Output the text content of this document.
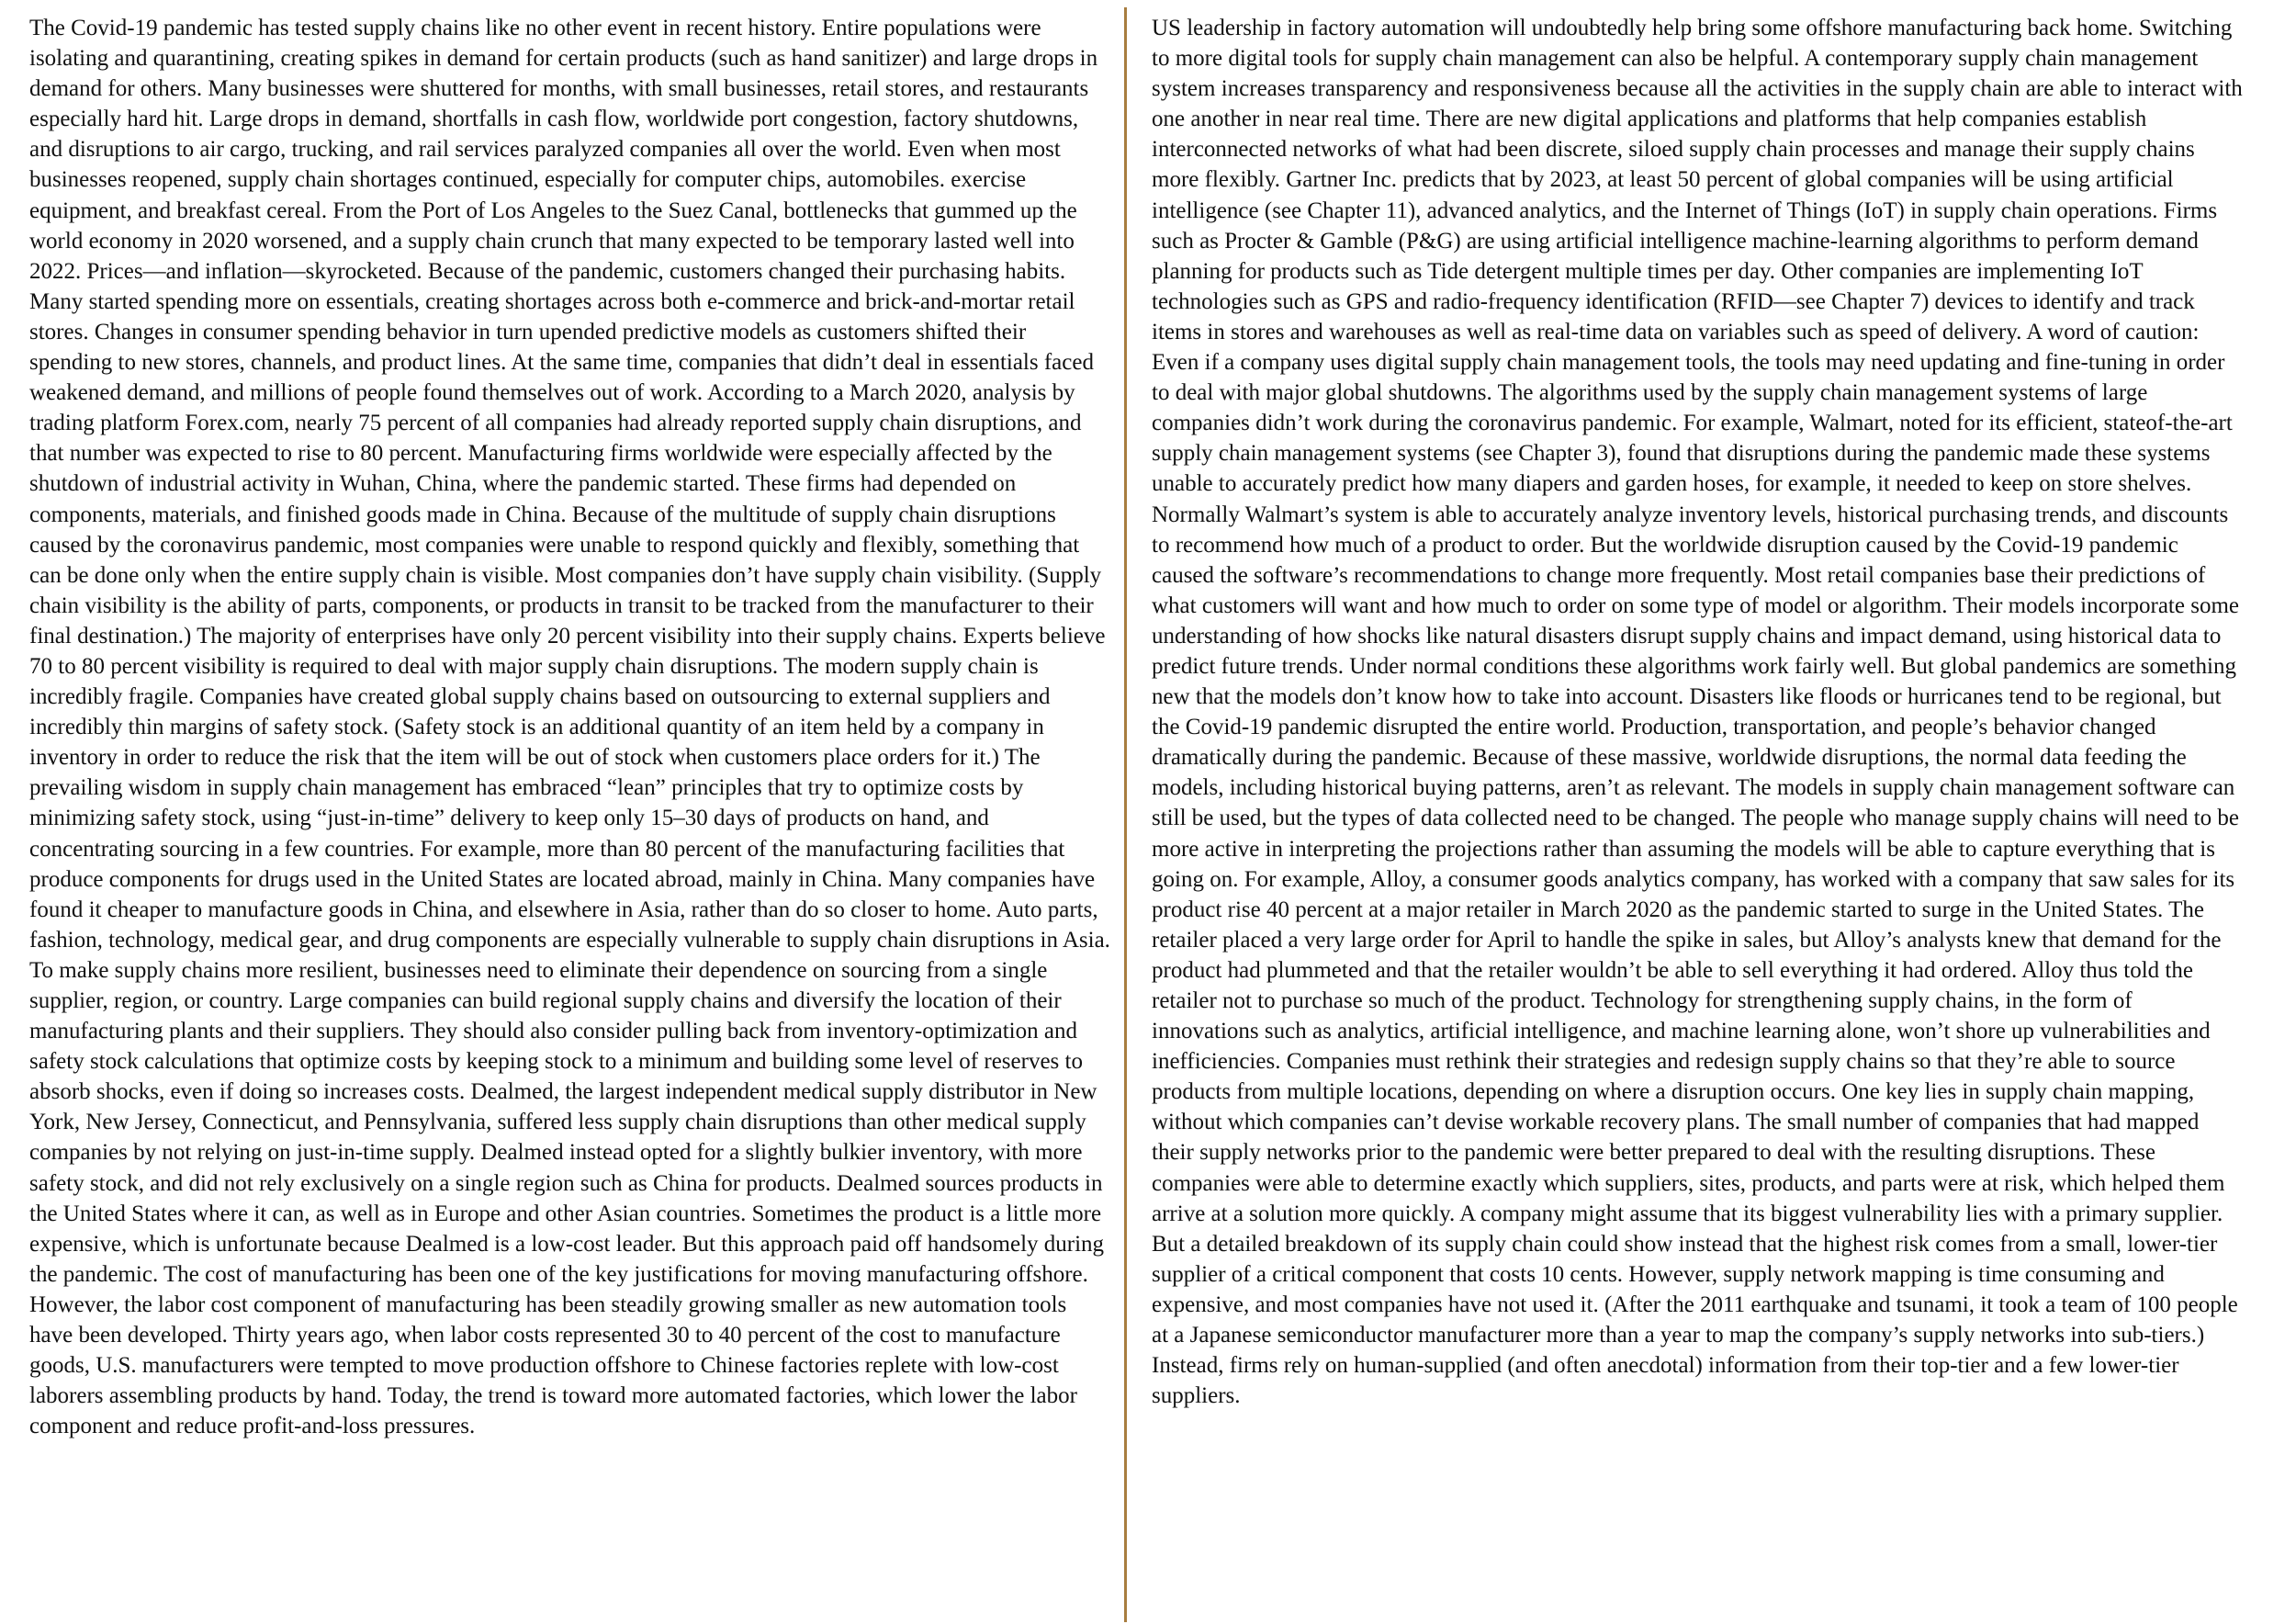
The Covid-19 pandemic has tested supply chains like no other event in recent history. Entire populations were isolating and quarantining, creating spikes in demand for certain products (such as hand sanitizer) and large drops in demand for others. Many businesses were shuttered for months, with small businesses, retail stores, and restaurants especially hard hit. Large drops in demand, shortfalls in cash flow, worldwide port congestion, factory shutdowns, and disruptions to air cargo, trucking, and rail services paralyzed companies all over the world. Even when most businesses reopened, supply chain shortages continued, especially for computer chips, automobiles. exercise equipment, and breakfast cereal. From the Port of Los Angeles to the Suez Canal, bottlenecks that gummed up the world economy in 2020 worsened, and a supply chain crunch that many expected to be temporary lasted well into 2022. Prices—and inflation—skyrocketed. Because of the pandemic, customers changed their purchasing habits. Many started spending more on essentials, creating shortages across both e-commerce and brick-and-mortar retail stores. Changes in consumer spending behavior in turn upended predictive models as customers shifted their spending to new stores, channels, and product lines. At the same time, companies that didn’t deal in essentials faced weakened demand, and millions of people found themselves out of work. According to a March 2020, analysis by trading platform Forex.com, nearly 75 percent of all companies had already reported supply chain disruptions, and that number was expected to rise to 80 percent. Manufacturing firms worldwide were especially affected by the shutdown of industrial activity in Wuhan, China, where the pandemic started. These firms had depended on components, materials, and finished goods made in China. Because of the multitude of supply chain disruptions caused by the coronavirus pandemic, most companies were unable to respond quickly and flexibly, something that can be done only when the entire supply chain is visible. Most companies don’t have supply chain visibility. (Supply chain visibility is the ability of parts, components, or products in transit to be tracked from the manufacturer to their final destination.) The majority of enterprises have only 20 percent visibility into their supply chains. Experts believe 70 to 80 percent visibility is required to deal with major supply chain disruptions. The modern supply chain is incredibly fragile. Companies have created global supply chains based on outsourcing to external suppliers and incredibly thin margins of safety stock. (Safety stock is an additional quantity of an item held by a company in inventory in order to reduce the risk that the item will be out of stock when customers place orders for it.) The prevailing wisdom in supply chain management has embraced “lean” principles that try to optimize costs by minimizing safety stock, using “just-in-time” delivery to keep only 15–30 days of products on hand, and concentrating sourcing in a few countries. For example, more than 80 percent of the manufacturing facilities that produce components for drugs used in the United States are located abroad, mainly in China. Many companies have found it cheaper to manufacture goods in China, and elsewhere in Asia, rather than do so closer to home. Auto parts, fashion, technology, medical gear, and drug components are especially vulnerable to supply chain disruptions in Asia. To make supply chains more resilient, businesses need to eliminate their dependence on sourcing from a single supplier, region, or country. Large companies can build regional supply chains and diversify the location of their manufacturing plants and their suppliers. They should also consider pulling back from inventory-optimization and safety stock calculations that optimize costs by keeping stock to a minimum and building some level of reserves to absorb shocks, even if doing so increases costs. Dealmed, the largest independent medical supply distributor in New York, New Jersey, Connecticut, and Pennsylvania, suffered less supply chain disruptions than other medical supply companies by not relying on just-in-time supply. Dealmed instead opted for a slightly bulkier inventory, with more safety stock, and did not rely exclusively on a single region such as China for products. Dealmed sources products in the United States where it can, as well as in Europe and other Asian countries. Sometimes the product is a little more expensive, which is unfortunate because Dealmed is a low-cost leader. But this approach paid off handsomely during the pandemic. The cost of manufacturing has been one of the key justifications for moving manufacturing offshore. However, the labor cost component of manufacturing has been steadily growing smaller as new automation tools have been developed. Thirty years ago, when labor costs represented 30 to 40 percent of the cost to manufacture goods, U.S. manufacturers were tempted to move production offshore to Chinese factories replete with low-cost laborers assembling products by hand. Today, the trend is toward more automated factories, which lower the labor component and reduce profit-and-loss pressures.

US leadership in factory automation will undoubtedly help bring some offshore manufacturing back home. Switching to more digital tools for supply chain management can also be helpful. A contemporary supply chain management system increases transparency and responsiveness because all the activities in the supply chain are able to interact with one another in near real time. There are new digital applications and platforms that help companies establish interconnected networks of what had been discrete, siloed supply chain processes and manage their supply chains more flexibly. Gartner Inc. predicts that by 2023, at least 50 percent of global companies will be using artificial intelligence (see Chapter 11), advanced analytics, and the Internet of Things (IoT) in supply chain operations. Firms such as Procter & Gamble (P&G) are using artificial intelligence machine-learning algorithms to perform demand planning for products such as Tide detergent multiple times per day. Other companies are implementing IoT technologies such as GPS and radio-frequency identification (RFID—see Chapter 7) devices to identify and track items in stores and warehouses as well as real-time data on variables such as speed of delivery. A word of caution: Even if a company uses digital supply chain management tools, the tools may need updating and fine-tuning in order to deal with major global shutdowns. The algorithms used by the supply chain management systems of large companies didn’t work during the coronavirus pandemic. For example, Walmart, noted for its efficient, stateof-the-art supply chain management systems (see Chapter 3), found that disruptions during the pandemic made these systems unable to accurately predict how many diapers and garden hoses, for example, it needed to keep on store shelves. Normally Walmart’s system is able to accurately analyze inventory levels, historical purchasing trends, and discounts to recommend how much of a product to order. But the worldwide disruption caused by the Covid-19 pandemic caused the software’s recommendations to change more frequently. Most retail companies base their predictions of what customers will want and how much to order on some type of model or algorithm. Their models incorporate some understanding of how shocks like natural disasters disrupt supply chains and impact demand, using historical data to predict future trends. Under normal conditions these algorithms work fairly well. But global pandemics are something new that the models don’t know how to take into account. Disasters like floods or hurricanes tend to be regional, but the Covid-19 pandemic disrupted the entire world. Production, transportation, and people’s behavior changed dramatically during the pandemic. Because of these massive, worldwide disruptions, the normal data feeding the models, including historical buying patterns, aren’t as relevant. The models in supply chain management software can still be used, but the types of data collected need to be changed. The people who manage supply chains will need to be more active in interpreting the projections rather than assuming the models will be able to capture everything that is going on. For example, Alloy, a consumer goods analytics company, has worked with a company that saw sales for its product rise 40 percent at a major retailer in March 2020 as the pandemic started to surge in the United States. The retailer placed a very large order for April to handle the spike in sales, but Alloy’s analysts knew that demand for the product had plummeted and that the retailer wouldn’t be able to sell everything it had ordered. Alloy thus told the retailer not to purchase so much of the product. Technology for strengthening supply chains, in the form of innovations such as analytics, artificial intelligence, and machine learning alone, won’t shore up vulnerabilities and inefficiencies. Companies must rethink their strategies and redesign supply chains so that they’re able to source products from multiple locations, depending on where a disruption occurs. One key lies in supply chain mapping, without which companies can’t devise workable recovery plans. The small number of companies that had mapped their supply networks prior to the pandemic were better prepared to deal with the resulting disruptions. These companies were able to determine exactly which suppliers, sites, products, and parts were at risk, which helped them arrive at a solution more quickly. A company might assume that its biggest vulnerability lies with a primary supplier. But a detailed breakdown of its supply chain could show instead that the highest risk comes from a small, lower-tier supplier of a critical component that costs 10 cents. However, supply network mapping is time consuming and expensive, and most companies have not used it. (After the 2011 earthquake and tsunami, it took a team of 100 people at a Japanese semiconductor manufacturer more than a year to map the company’s supply networks into sub-tiers.) Instead, firms rely on human-supplied (and often anecdotal) information from their top-tier and a few lower-tier suppliers.
